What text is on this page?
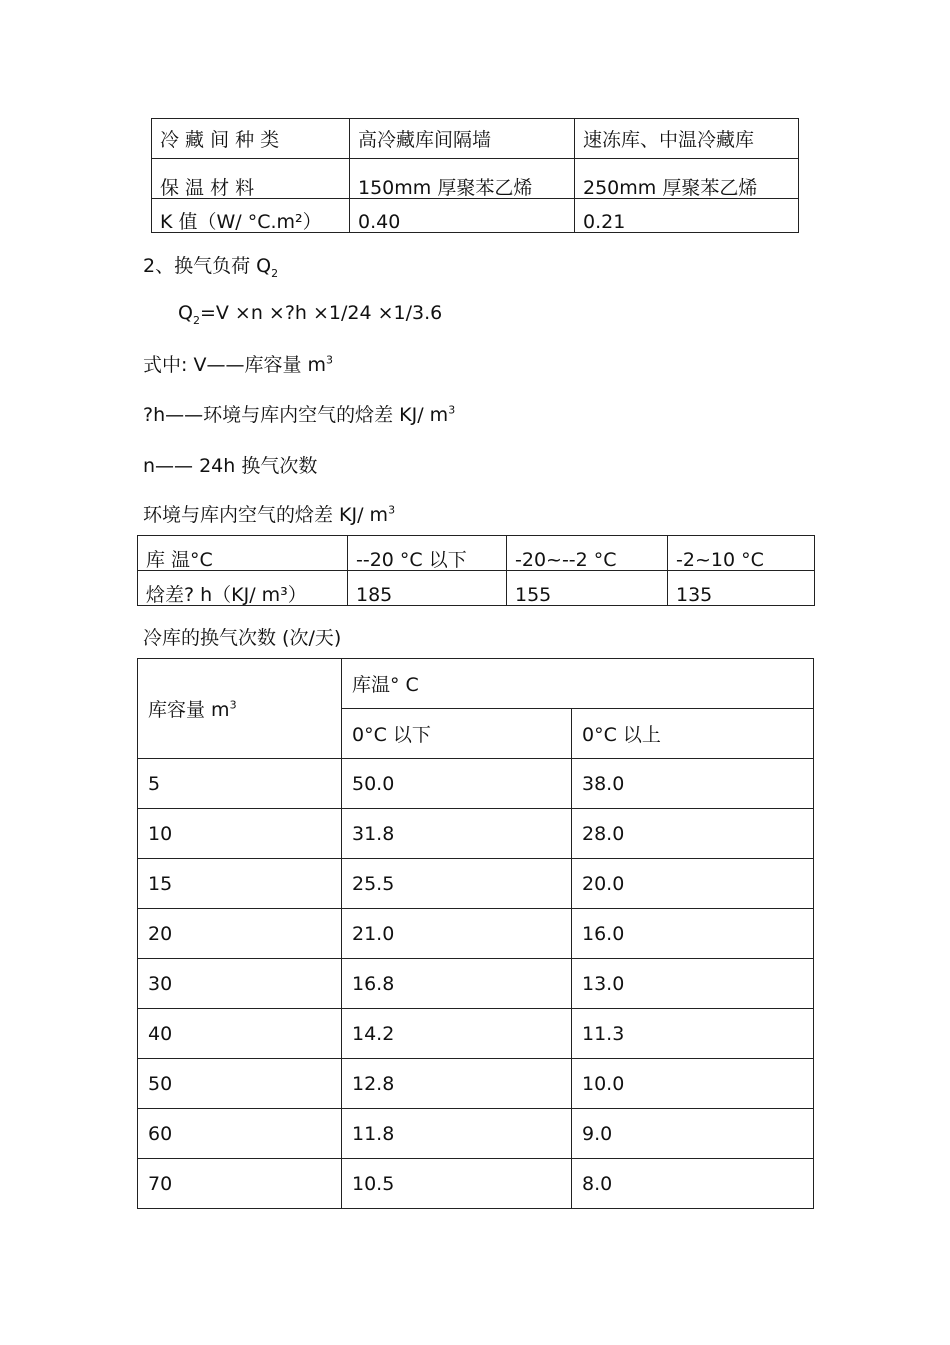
冷 藏 间 种 类	高冷藏库间隔墙	速冻库、中温冷藏库
保 温 材 料	150mm 厚聚苯乙烯	250mm 厚聚苯乙烯
K 值（W/ °C.m²）	0.40	0.21
2、换气负荷 $Q_2$
$Q_2=V \times n$ ×?h ×1/24 ×1/3.6
式中: V——库容量 $m^3$
?h——环境与库内空气的焓差 KJ/ $m^3$
n—— 24h 换气次数
环境与库内空气的焓差 KJ/ $m^3$
库 温°C	--20 °C 以下	-20~--2 °C	-2~10 °C
焓差? h（KJ/ m³）	185	155	135
冷库的换气次数 (次/天)
库容量 $m^3$	库温° C	
	0°C 以下	0°C 以上
5	50.0	38.0
10	31.8	28.0
15	25.5	20.0
20	21.0	16.0
30	16.8	13.0
40	14.2	11.3
50	12.8	10.0
60	11.8	9.0
70	10.5	8.0
